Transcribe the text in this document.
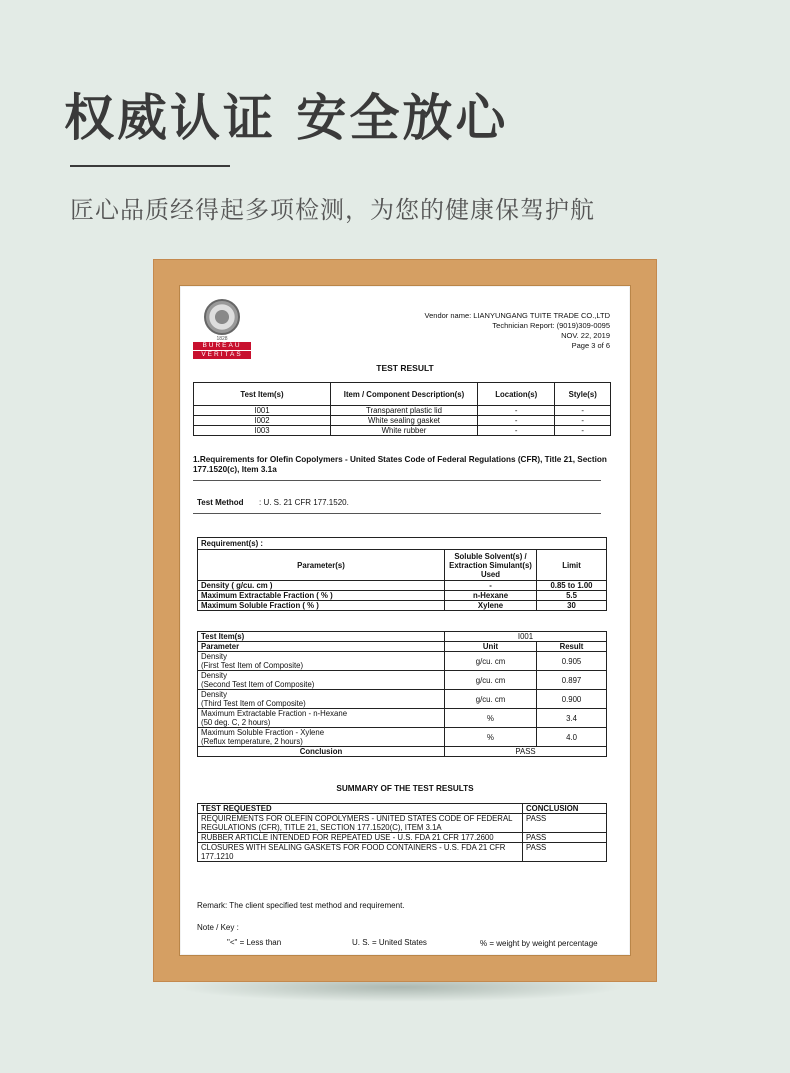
权威认证 安全放心
匠心品质经得起多项检测，为您的健康保驾护航
1828
BUREAU
VERITAS
Vendor name: LIANYUNGANG TUITE TRADE CO.,LTD
Technician Report: (9019)309-0095
NOV. 22, 2019
Page 3 of 6
TEST RESULT
Test Item(s)	Item / Component Description(s)	Location(s)	Style(s)
I001	Transparent plastic lid	-	-
I002	White sealing gasket	-	-
I003	White rubber	-	-
1.Requirements for Olefin Copolymers - United States Code of Federal Regulations (CFR), Title 21, Section 177.1520(c), Item 3.1a
Test Method : U. S. 21 CFR 177.1520.
Requirement(s) :		
Parameter(s)	Soluble Solvent(s) / Extraction Simulant(s) Used	Limit
Density ( g/cu. cm )	-	0.85 to 1.00
Maximum Extractable Fraction ( % )	n-Hexane	5.5
Maximum Soluble Fraction ( % )	Xylene	30
Test Item(s)	I001	
Parameter	Unit	Result

Density
(First Test Item of Composite)	g/cu. cm	0.905

Density
(Second Test Item of Composite)	g/cu. cm	0.897

Density
(Third Test Item of Composite)	g/cu. cm	0.900

Maximum Extractable Fraction - n-Hexane
(50 deg. C, 2 hours)	%	3.4

Maximum Soluble Fraction - Xylene
(Reflux temperature, 2 hours)	%	4.0
Conclusion	PASS	
SUMMARY OF THE TEST RESULTS
TEST REQUESTED	CONCLUSION
REQUIREMENTS FOR OLEFIN COPOLYMERS - UNITED STATES CODE OF FEDERAL REGULATIONS (CFR), TITLE 21, SECTION 177.1520(C), ITEM 3.1A	PASS
RUBBER ARTICLE INTENDED FOR REPEATED USE - U.S. FDA 21 CFR 177.2600	PASS
CLOSURES WITH SEALING GASKETS FOR FOOD CONTAINERS - U.S. FDA 21 CFR 177.1210	PASS
Remark: The client specified test method and requirement.
Note / Key :
"<" = Less than	U. S. = United States	% = weight by weight percentage
